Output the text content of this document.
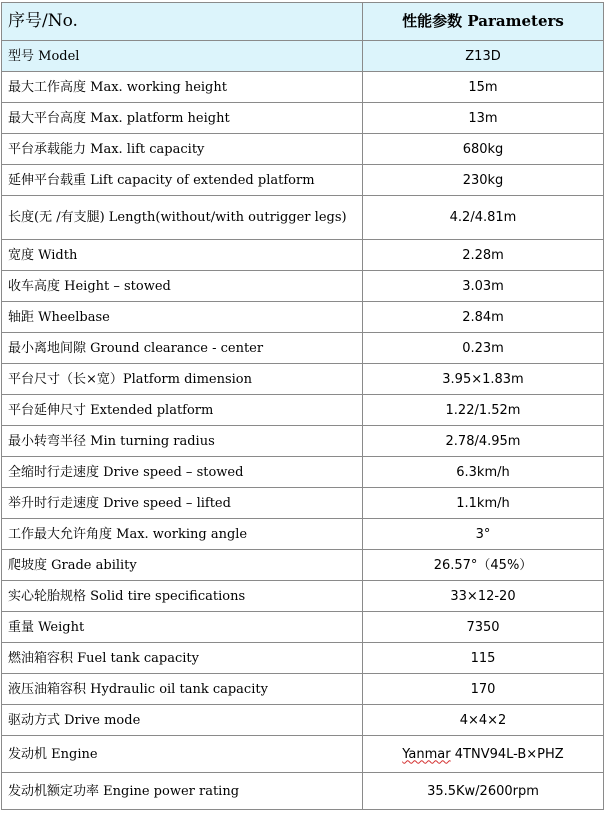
序号/No.	性能参数 Parameters
型号 Model	Z13D
最大工作高度 Max. working height	15m
最大平台高度 Max. platform height	13m
平台承载能力 Max. lift capacity	680kg
延伸平台载重 Lift capacity of extended platform	230kg
长度(无 /有支腿) Length(without/with outrigger legs)	4.2/4.81m
宽度 Width	2.28m
收车高度 Height – stowed	3.03m
轴距 Wheelbase	2.84m
最小离地间隙 Ground clearance - center	0.23m
平台尺寸（长×宽）Platform dimension	3.95×1.83m
平台延伸尺寸 Extended platform	1.22/1.52m
最小转弯半径 Min turning radius	2.78/4.95m
全缩时行走速度 Drive speed – stowed	6.3km/h
举升时行走速度 Drive speed – lifted	1.1km/h
工作最大允许角度 Max. working angle	3°
爬坡度 Grade ability	26.57°（45%）
实心轮胎规格 Solid tire specifications	33×12-20
重量 Weight	7350
燃油箱容积 Fuel tank capacity	115
液压油箱容积 Hydraulic oil tank capacity	170
驱动方式 Drive mode	4×4×2
发动机 Engine	Yanmar 4TNV94L-B×PHZ
发动机额定功率 Engine power rating	35.5Kw/2600rpm
